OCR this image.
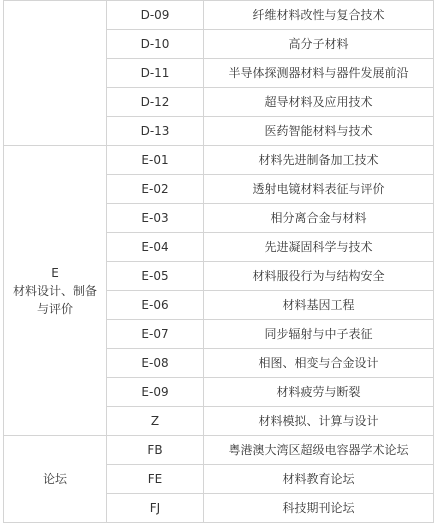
	D-09	纤维材料改性与复合技术
	D-10	高分子材料
	D-11	半导体探测器材料与器件发展前沿
	D-12	超导材料及应用技术
	D-13	医药智能材料与技术

E
材料设计、制备与评价	E-01	材料先进制备加工技术
	E-02	透射电镜材料表征与评价
	E-03	相分离合金与材料
	E-04	先进凝固科学与技术
	E-05	材料服役行为与结构安全
	E-06	材料基因工程
	E-07	同步辐射与中子表征
	E-08	相图、相变与合金设计
	E-09	材料疲劳与断裂
	Z	材料模拟、计算与设计

论坛	FB	粤港澳大湾区超级电容器学术论坛
	FE	材料教育论坛
	FJ	科技期刊论坛
